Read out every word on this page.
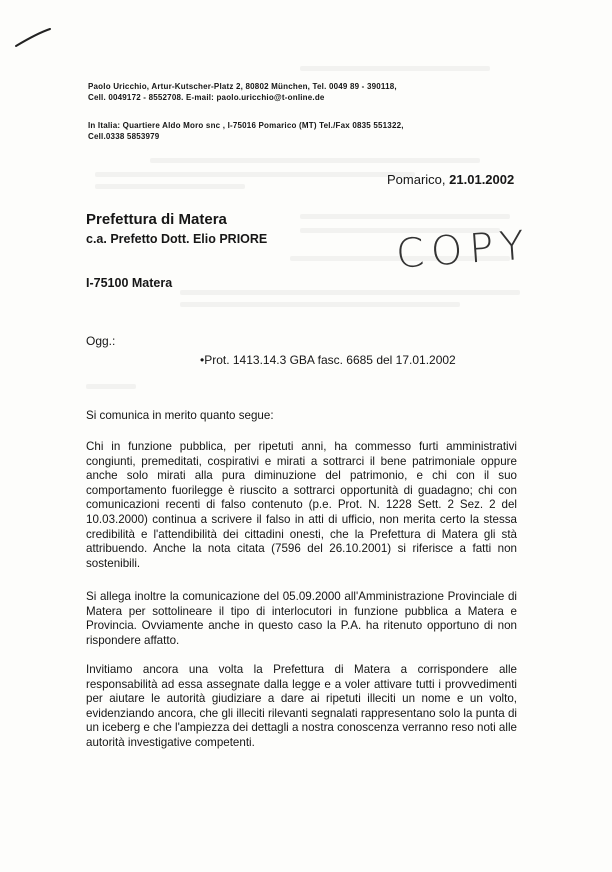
Paolo Uricchio, Artur-Kutscher-Platz 2, 80802 München, Tel. 0049 89 - 390118,
Cell. 0049172 - 8552708. E-mail: paolo.uricchio@t-online.de
In Italia: Quartiere Aldo Moro snc , I-75016 Pomarico (MT) Tel./Fax 0835 551322,
Cell.0338 5853979
Pomarico, 21.01.2002
Prefettura di Matera
c.a. Prefetto Dott. Elio PRIORE
I-75100 Matera
COPY
Ogg.:
•Prot. 1413.14.3 GBA fasc. 6685 del 17.01.2002
Si comunica in merito quanto segue:

Chi in funzione pubblica, per ripetuti anni, ha commesso furti amministrativi congiunti, premeditati, cospirativi e mirati a sottrarci il bene patrimoniale oppure anche solo mirati alla pura diminuzione del patrimonio, e chi con il suo comportamento fuorilegge è riuscito a sottrarci opportunità di guadagno; chi con comunicazioni recenti di falso contenuto (p.e. Prot. N. 1228 Sett. 2 Sez. 2 del 10.03.2000) continua a scrivere il falso in atti di ufficio, non merita certo la stessa credibilità e l'attendibilità dei cittadini onesti, che la Prefettura di Matera gli stà attribuendo. Anche la nota citata (7596 del 26.10.2001) si riferisce a fatti non sostenibili.

Si allega inoltre la comunicazione del 05.09.2000 all'Amministrazione Provinciale di Matera per sottolineare il tipo di interlocutori in funzione pubblica a Matera e Provincia. Ovviamente anche in questo caso la P.A. ha ritenuto opportuno di non rispondere affatto.

Invitiamo ancora una volta la Prefettura di Matera a corrispondere alle responsabilità ad essa assegnate dalla legge e a voler attivare tutti i provvedimenti per aiutare le autorità giudiziare a dare ai ripetuti illeciti un nome e un volto, evidenziando ancora, che gli illeciti rilevanti segnalati rappresentano solo la punta di un iceberg e che l'ampiezza dei dettagli a nostra conoscenza verranno reso noti alle autorità investigative competenti.
